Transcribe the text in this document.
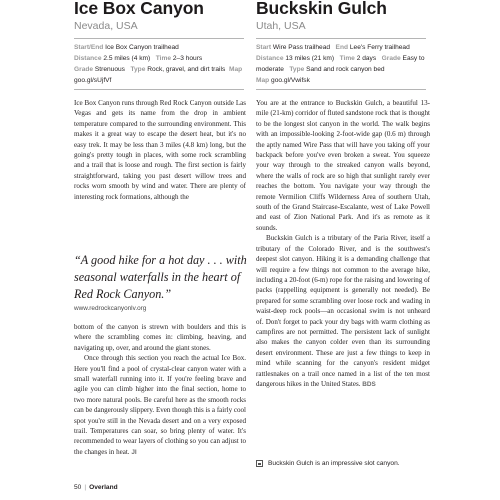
Ice Box Canyon
Nevada, USA
Start/End Ice Box Canyon trailhead
Distance 2.5 miles (4 km) Time 2–3 hours
Grade Strenuous Type Rock, gravel, and dirt trails Map goo.gl/sUjfVf

Ice Box Canyon runs through Red Rock Canyon outside Las Vegas and gets its name from the drop in ambient temperature compared to the surrounding environment. This makes it a great way to escape the desert heat, but it's no easy trek. It may be less than 3 miles (4.8 km) long, but the going's pretty tough in places, with some rock scrambling and a trail that is loose and rough. The first section is fairly straightforward, taking you past desert willow trees and rocks worn smooth by wind and water. There are plenty of interesting rock formations, although the

“A good hike for a hot day . . . with seasonal waterfalls in the heart of Red Rock Canyon.”
www.redrockcanyonlv.org

bottom of the canyon is strewn with boulders and this is where the scrambling comes in: climbing, heaving, and navigating up, over, and around the giant stones.

Once through this section you reach the actual Ice Box. Here you'll find a pool of crystal-clear canyon water with a small waterfall running into it. If you're feeling brave and agile you can climb higher into the final section, home to two more natural pools. Be careful here as the smooth rocks can be dangerously slippery. Even though this is a fairly cool spot you're still in the Nevada desert and on a very exposed trail. Temperatures can soar, so bring plenty of water. It's recommended to wear layers of clothing so you can adjust to the changes in heat. JI

Buckskin Gulch
Utah, USA
Start Wire Pass trailhead End Lee's Ferry trailhead
Distance 13 miles (21 km) Time 2 days Grade Easy to moderate Type Sand and rock canyon bed
Map goo.gl/Vwifsk

You are at the entrance to Buckskin Gulch, a beautiful 13-mile (21-km) corridor of fluted sandstone rock that is thought to be the longest slot canyon in the world. The walk begins with an impossible-looking 2-foot-wide gap (0.6 m) through the aptly named Wire Pass that will have you taking off your backpack before you've even broken a sweat. You squeeze your way through to the streaked canyon walls beyond, where the walls of rock are so high that sunlight rarely ever reaches the bottom. You navigate your way through the remote Vermilion Cliffs Wilderness Area of southern Utah, south of the Grand Staircase-Escalante, west of Lake Powell and east of Zion National Park. And it's as remote as it sounds.

Buckskin Gulch is a tributary of the Paria River, itself a tributary of the Colorado River, and is the southwest's deepest slot canyon. Hiking it is a demanding challenge that will require a few things not common to the average hike, including a 20-foot (6-m) rope for the raising and lowering of packs (rappelling equipment is generally not needed). Be prepared for some scrambling over loose rock and wading in waist-deep rock pools—an occasional swim is not unheard of. Don't forget to pack your dry bags with warm clothing as campfires are not permitted. The persistent lack of sunlight also makes the canyon colder even than its surrounding desert environment. These are just a few things to keep in mind while scanning for the canyon's resident midget rattlesnakes on a trail once named in a list of the ten most dangerous hikes in the United States. BDS

Buckskin Gulch is an impressive slot canyon.
50 | Overland
